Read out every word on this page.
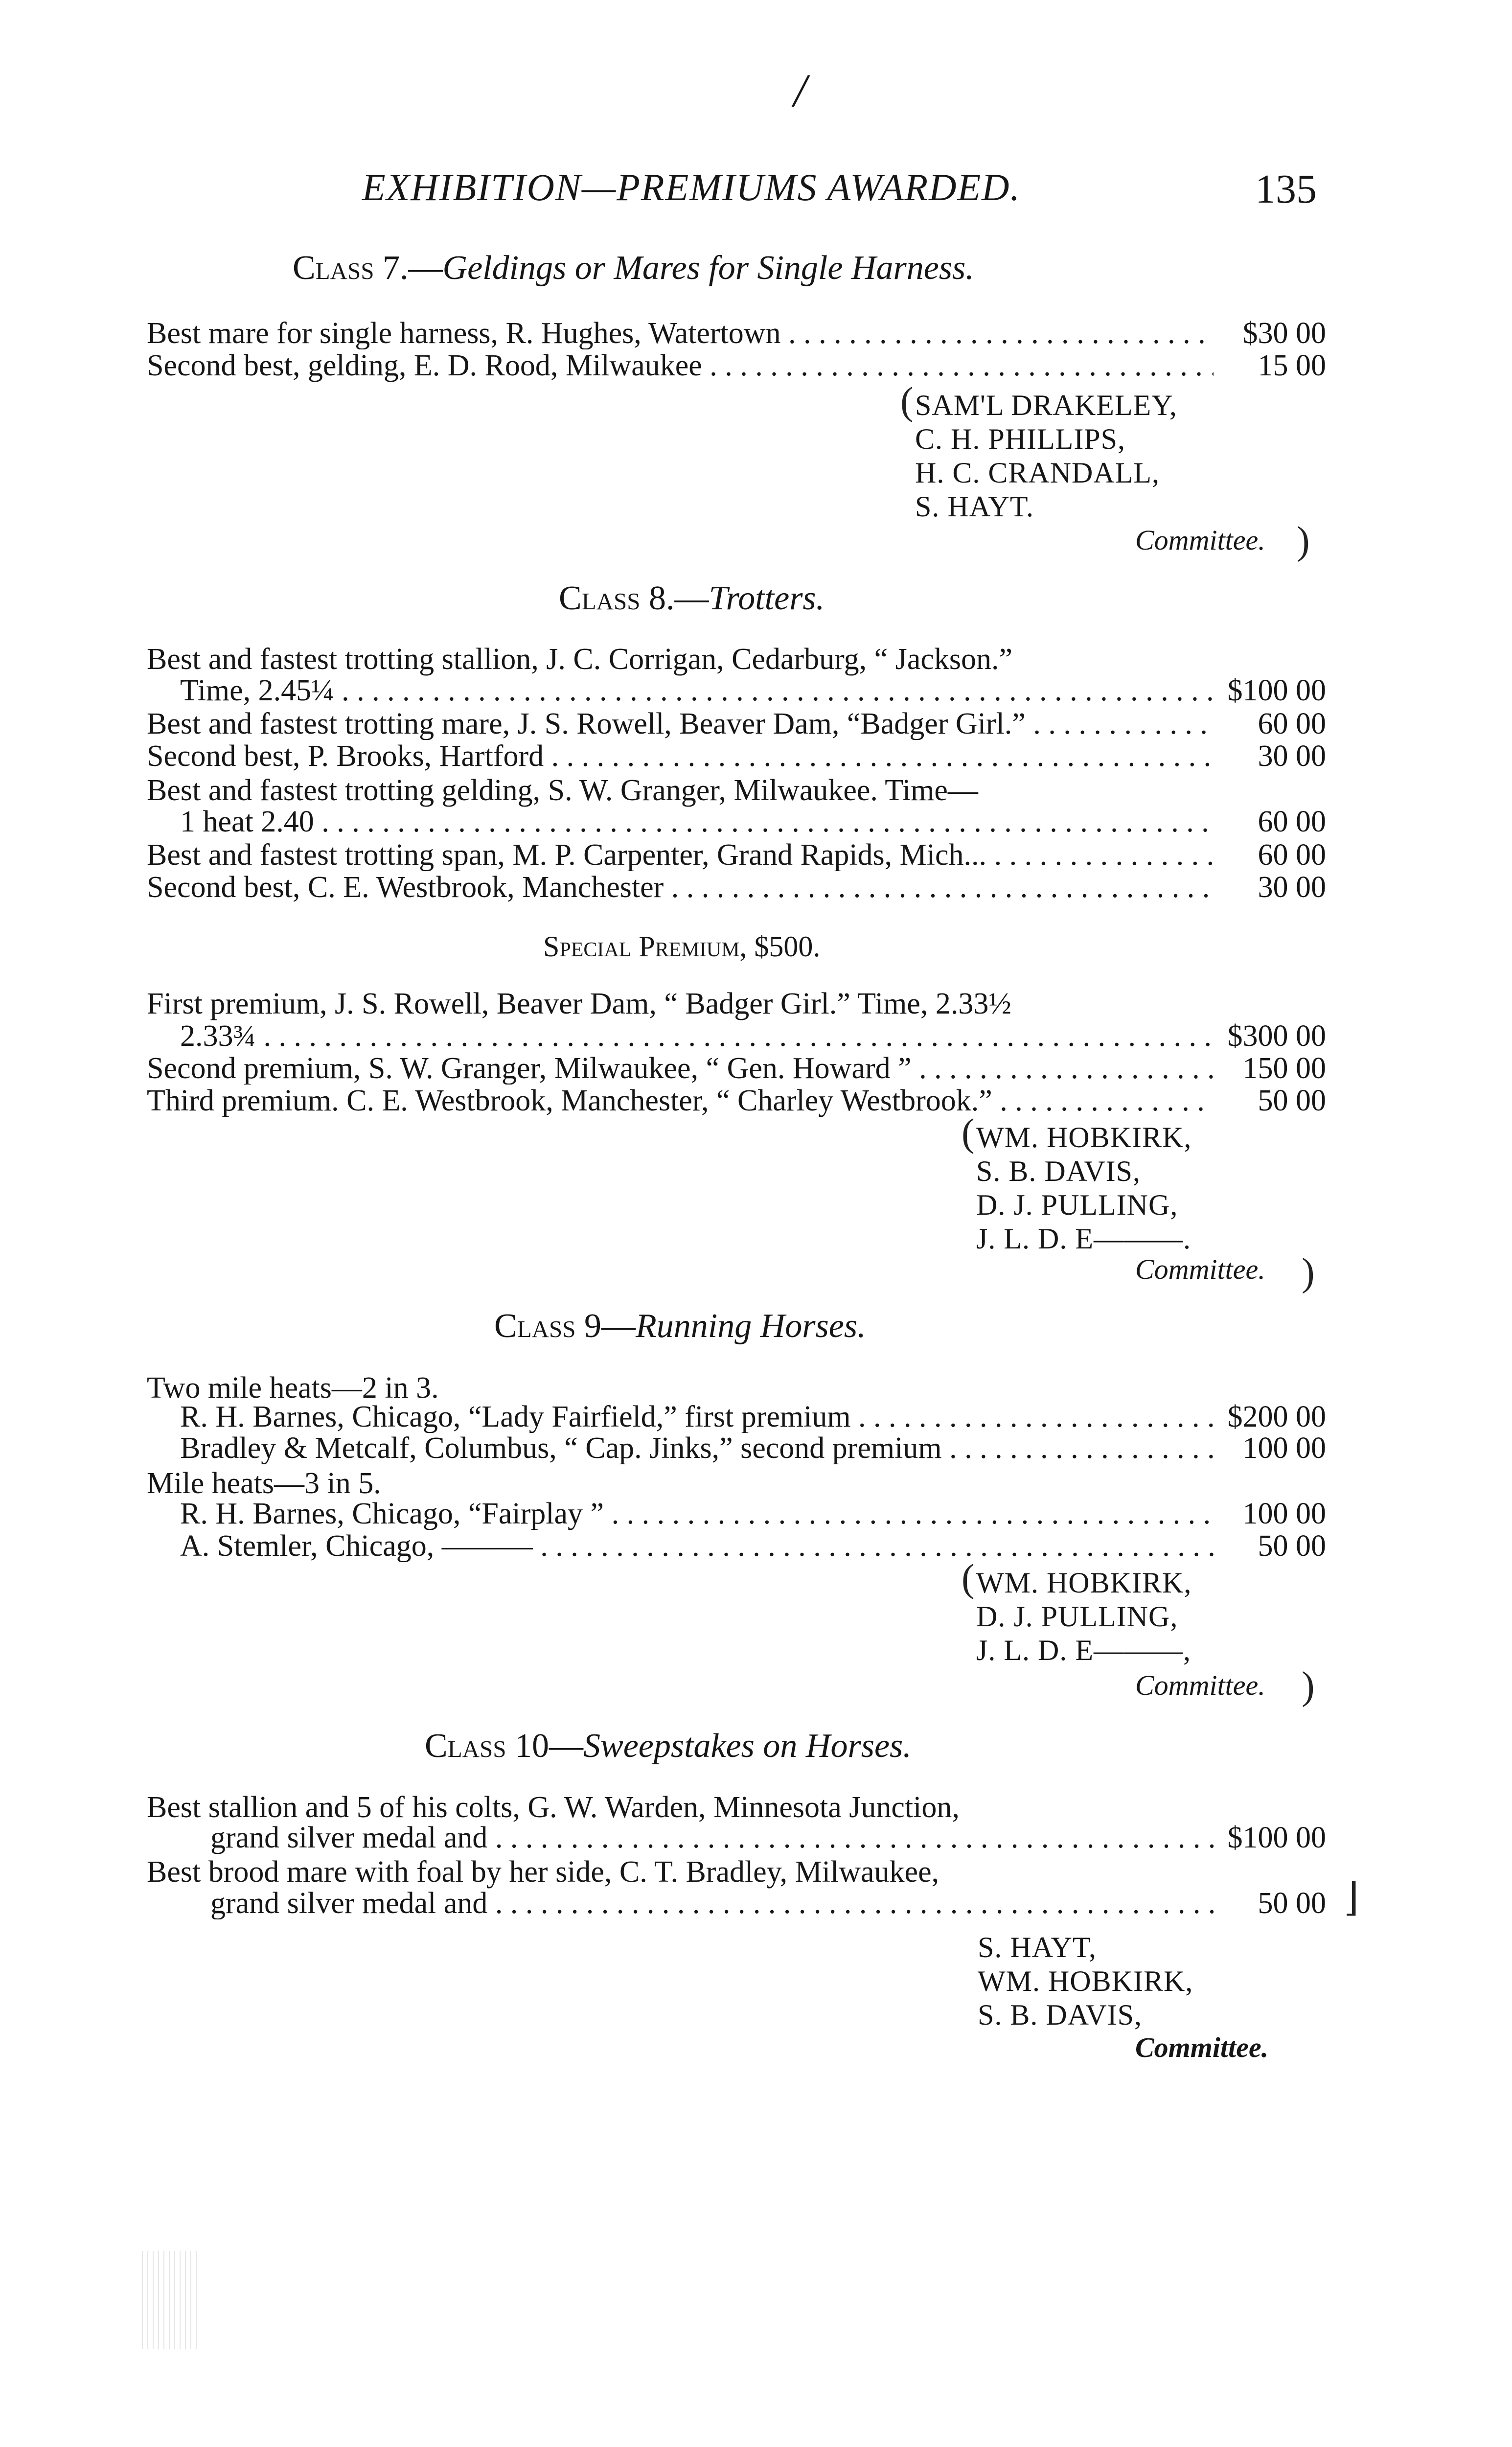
/
EXHIBITION—PREMIUMS AWARDED.	135
Class 7.—Geldings or Mares for Single Harness.
Best mare for single harness, R. Hughes, Watertown . . .	$30 00
Second best, gelding, E. D. Rood, Milwaukee . . .	15 00
SAM'L DRAKELEY,
C. H. PHILLIPS,
H. C. CRANDALL,
S. HAYT.
Committee.
Class 8.—Trotters.
Best and fastest trotting stallion, J. C. Corrigan, Cedarburg, “ Jackson.”
Time, 2.45¼ . . .	$100 00
Best and fastest trotting mare, J. S. Rowell, Beaver Dam, “Badger Girl.” . . .	60 00
Second best, P. Brooks, Hartford . . .	30 00
Best and fastest trotting gelding, S. W. Granger, Milwaukee. Time—
1 heat 2.40 . . .	60 00
Best and fastest trotting span, M. P. Carpenter, Grand Rapids, Mich... . . .	60 00
Second best, C. E. Westbrook, Manchester . . .	30 00
Special Premium, $500.
First premium, J. S. Rowell, Beaver Dam, “ Badger Girl.” Time, 2.33½
2.33¾ . . .	$300 00
Second premium, S. W. Granger, Milwaukee, “ Gen. Howard ” . . .	150 00
Third premium. C. E. Westbrook, Manchester, “ Charley Westbrook.” . . .	50 00
WM. HOBKIRK,
S. B. DAVIS,
D. J. PULLING,
J. L. D. E———.
Committee.
Class 9—Running Horses.
Two mile heats—2 in 3.
R. H. Barnes, Chicago, “Lady Fairfield,” first premium . . .	$200 00
Bradley & Metcalf, Columbus, “ Cap. Jinks,” second premium . . .	100 00
Mile heats—3 in 5.
R. H. Barnes, Chicago, “Fairplay ” . . .	100 00
A. Stemler, Chicago, ——— . . .	50 00
WM. HOBKIRK,
D. J. PULLING,
J. L. D. E———,
Committee.
Class 10—Sweepstakes on Horses.
Best stallion and 5 of his colts, G. W. Warden, Minnesota Junction,
grand silver medal and . . .	$100 00
Best brood mare with foal by her side, C. T. Bradley, Milwaukee,
grand silver medal and . . .	50 00 ⌋
S. HAYT,
WM. HOBKIRK,
S. B. DAVIS,
Committee.
(
)
(
)
(
)
